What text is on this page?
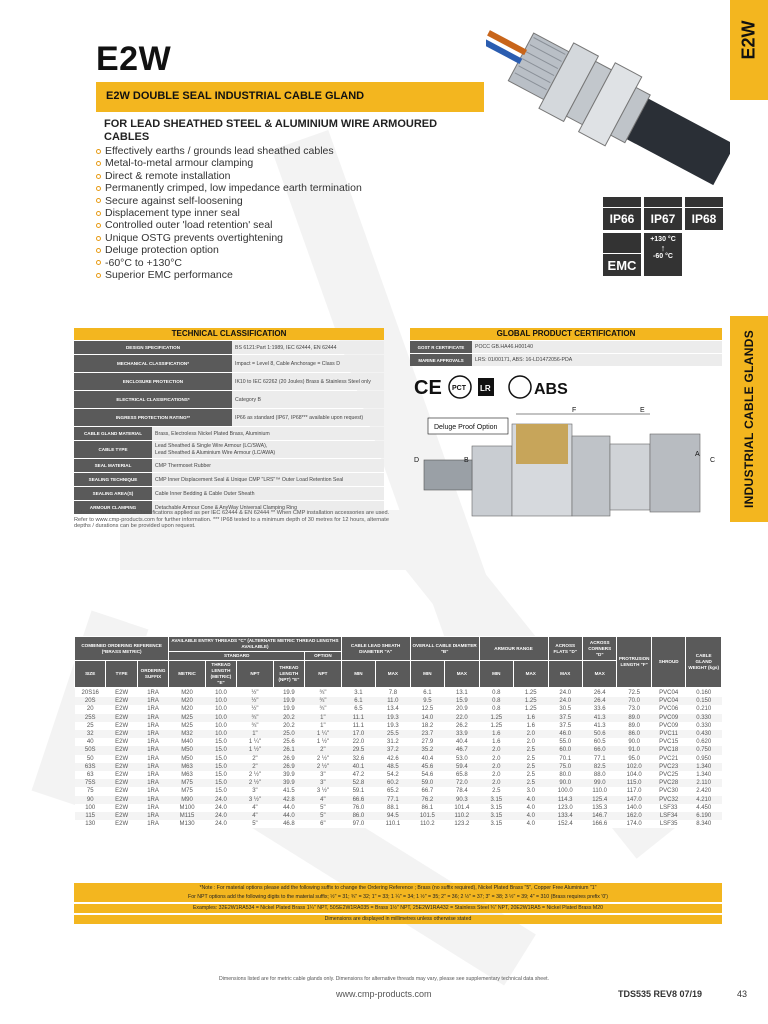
E2W
INDUSTRIAL CABLE GLANDS
E2W
E2W DOUBLE SEAL INDUSTRIAL CABLE GLAND
FOR LEAD SHEATHED STEEL & ALUMINIUM WIRE ARMOURED CABLES
Effectively earths / grounds lead sheathed cables
Metal-to-metal armour clamping
Direct & remote installation
Permanently crimped, low impedance earth termination
Secure against self-loosening
Displacement type inner seal
Controlled outer 'load retention' seal
Unique OSTG prevents overtightening
Deluge protection option
-60°C to +130°C
Superior EMC performance
IP66	IP67	IP68
EMC
+130 °C
↑
-60 °C
TECHNICAL CLASSIFICATION
DESIGN SPECIFICATION	BS 6121:Part 1:1989, IEC 62444, EN 62444
MECHANICAL CLASSIFICATION*	Impact = Level 8, Cable Anchorage = Class D
ENCLOSURE PROTECTION	IK10 to IEC 62262 (20 Joules) Brass & Stainless Steel only
ELECTRICAL CLASSIFICATIONS*	Category B
INGRESS PROTECTION RATING**	IP66 as standard (IP67, IP68*** available upon request)
CABLE GLAND MATERIAL	Brass, Electroless Nickel Plated Brass, Aluminium
CABLE TYPE
Lead Sheathed & Single Wire Armour (LC/SWA),
Lead Sheathed & Aluminium Wire Armour (LC/AWA)
SEAL MATERIAL	CMP Thermoset Rubber
SEALING TECHNIQUE	CMP Inner Displacement Seal & Unique CMP "LRS"™ Outer Load Retention Seal
SEALING AREA(S)	Cable Inner Bedding & Cable Outer Sheath
ARMOUR CLAMPING	Detachable Armour Cone & AnyWay Universal Clamping Ring
* Mechanical & Electrical Classifications applied as per IEC 62444 & EN 62444 ** When CMP installation accessories are used. Refer to www.cmp-products.com for further information. *** IP68 tested to a minimum depth of 30 metres for 12 hours, alternate depths / durations can be provided upon request.
GLOBAL PRODUCT CERTIFICATION
GOST R CERTIFICATE	POCC GB.HA46.H00140
MARINE APPROVALS	LRS: 01/00171, ABS: 16-LD1472056-PDA
CE PCT LR	ABS
Deluge Proof Option
F	E
D	B
A
C
COMBINED ORDERING REFERENCE (*BRASS METRIC)			AVAILABLE ENTRY THREADS "C" (ALTERNATE METRIC THREAD LENGTHS AVAILABLE)					CABLE LEAD SHEATH DIAMETER "A"		OVERALL CABLE DIAMETER "B"		ARMOUR RANGE		ACROSS FLATS "D"	ACROSS CORNERS "D"	PROTRUSION LENGTH "F"	SHROUD	CABLE GLAND WEIGHT (kgs)
			STANDARD				OPTION											
SIZE	TYPE	ORDERING SUFFIX	METRIC	THREAD LENGTH (METRIC) "E"	NPT	THREAD LENGTH (NPT) "E"	NPT											
								MIN	MAX	MIN	MAX	MIN	MAX	MAX	MAX			
20S16	E2W	1RA	M20	10.0	½"	19.9	¾"	3.1	7.8	6.1	13.1	0.8	1.25	24.0	26.4	72.5	PVC04	0.160
20S	E2W	1RA	M20	10.0	½"	19.9	¾"	6.1	11.0	9.5	15.9	0.8	1.25	24.0	26.4	70.0	PVC04	0.150
20	E2W	1RA	M20	10.0	½"	19.9	¾"	6.5	13.4	12.5	20.9	0.8	1.25	30.5	33.6	73.0	PVC06	0.210
25S	E2W	1RA	M25	10.0	¾"	20.2	1"	11.1	19.3	14.0	22.0	1.25	1.6	37.5	41.3	89.0	PVC09	0.330
25	E2W	1RA	M25	10.0	¾"	20.2	1"	11.1	19.3	18.2	26.2	1.25	1.6	37.5	41.3	89.0	PVC09	0.330
32	E2W	1RA	M32	10.0	1"	25.0	1 ¼"	17.0	25.5	23.7	33.9	1.6	2.0	46.0	50.6	86.0	PVC11	0.430
40	E2W	1RA	M40	15.0	1 ¼"	25.6	1 ½"	22.0	31.2	27.9	40.4	1.6	2.0	55.0	60.5	90.0	PVC15	0.620
50S	E2W	1RA	M50	15.0	1 ½"	26.1	2"	29.5	37.2	35.2	46.7	2.0	2.5	60.0	66.0	91.0	PVC18	0.750
50	E2W	1RA	M50	15.0	2"	26.9	2 ½"	32.6	42.6	40.4	53.0	2.0	2.5	70.1	77.1	95.0	PVC21	0.950
63S	E2W	1RA	M63	15.0	2"	26.9	2 ½"	40.1	48.5	45.6	59.4	2.0	2.5	75.0	82.5	102.0	PVC23	1.340
63	E2W	1RA	M63	15.0	2 ½"	39.9	3"	47.2	54.2	54.6	65.8	2.0	2.5	80.0	88.0	104.0	PVC25	1.340
75S	E2W	1RA	M75	15.0	2 ½"	39.9	3"	52.8	60.2	59.0	72.0	2.0	2.5	90.0	99.0	115.0	PVC28	2.110
75	E2W	1RA	M75	15.0	3"	41.5	3 ½"	59.1	65.2	66.7	78.4	2.5	3.0	100.0	110.0	117.0	PVC30	2.420
90	E2W	1RA	M90	24.0	3 ½"	42.8	4"	66.6	77.1	76.2	90.3	3.15	4.0	114.3	125.4	147.0	PVC32	4.210
100	E2W	1RA	M100	24.0	4"	44.0	5"	76.0	88.1	86.1	101.4	3.15	4.0	123.0	135.3	140.0	LSF33	4.450
115	E2W	1RA	M115	24.0	4"	44.0	5"	86.0	94.5	101.5	110.2	3.15	4.0	133.4	146.7	162.0	LSF34	6.190
130	E2W	1RA	M130	24.0	5"	46.8	6"	97.0	110.1	110.2	123.2	3.15	4.0	152.4	166.6	174.0	LSF35	8.340
*Note : For material options please add the following suffix to change the Ordering Reference ; Brass (no suffix required), Nickel Plated Brass "5", Copper Free Aluminium "1"
For NPT options add the following digits to the material suffix; ½" = 31; ¾" = 32; 1" = 33; 1 ¼" = 34; 1 ½" = 35; 2" = 36; 2 ½" = 37; 3" = 38; 3 ½" = 39; 4" = 310 (Brass requires prefix '0')
Examples: 32E2W1RA534 = Nickel Plated Brass 1¼" NPT, 50SE2W1RA035 = Brass 1½" NPT, 25E2W1RA432 = Stainless Steel ¾" NPT, 20E2W1RA5 = Nickel Plated Brass M20
Dimensions are displayed in millimetres unless otherwise stated
Dimensions listed are for metric cable glands only. Dimensions for alternative threads may vary, please see supplementary technical data sheet.
www.cmp-products.com	TDS535 REV8 07/19	43
